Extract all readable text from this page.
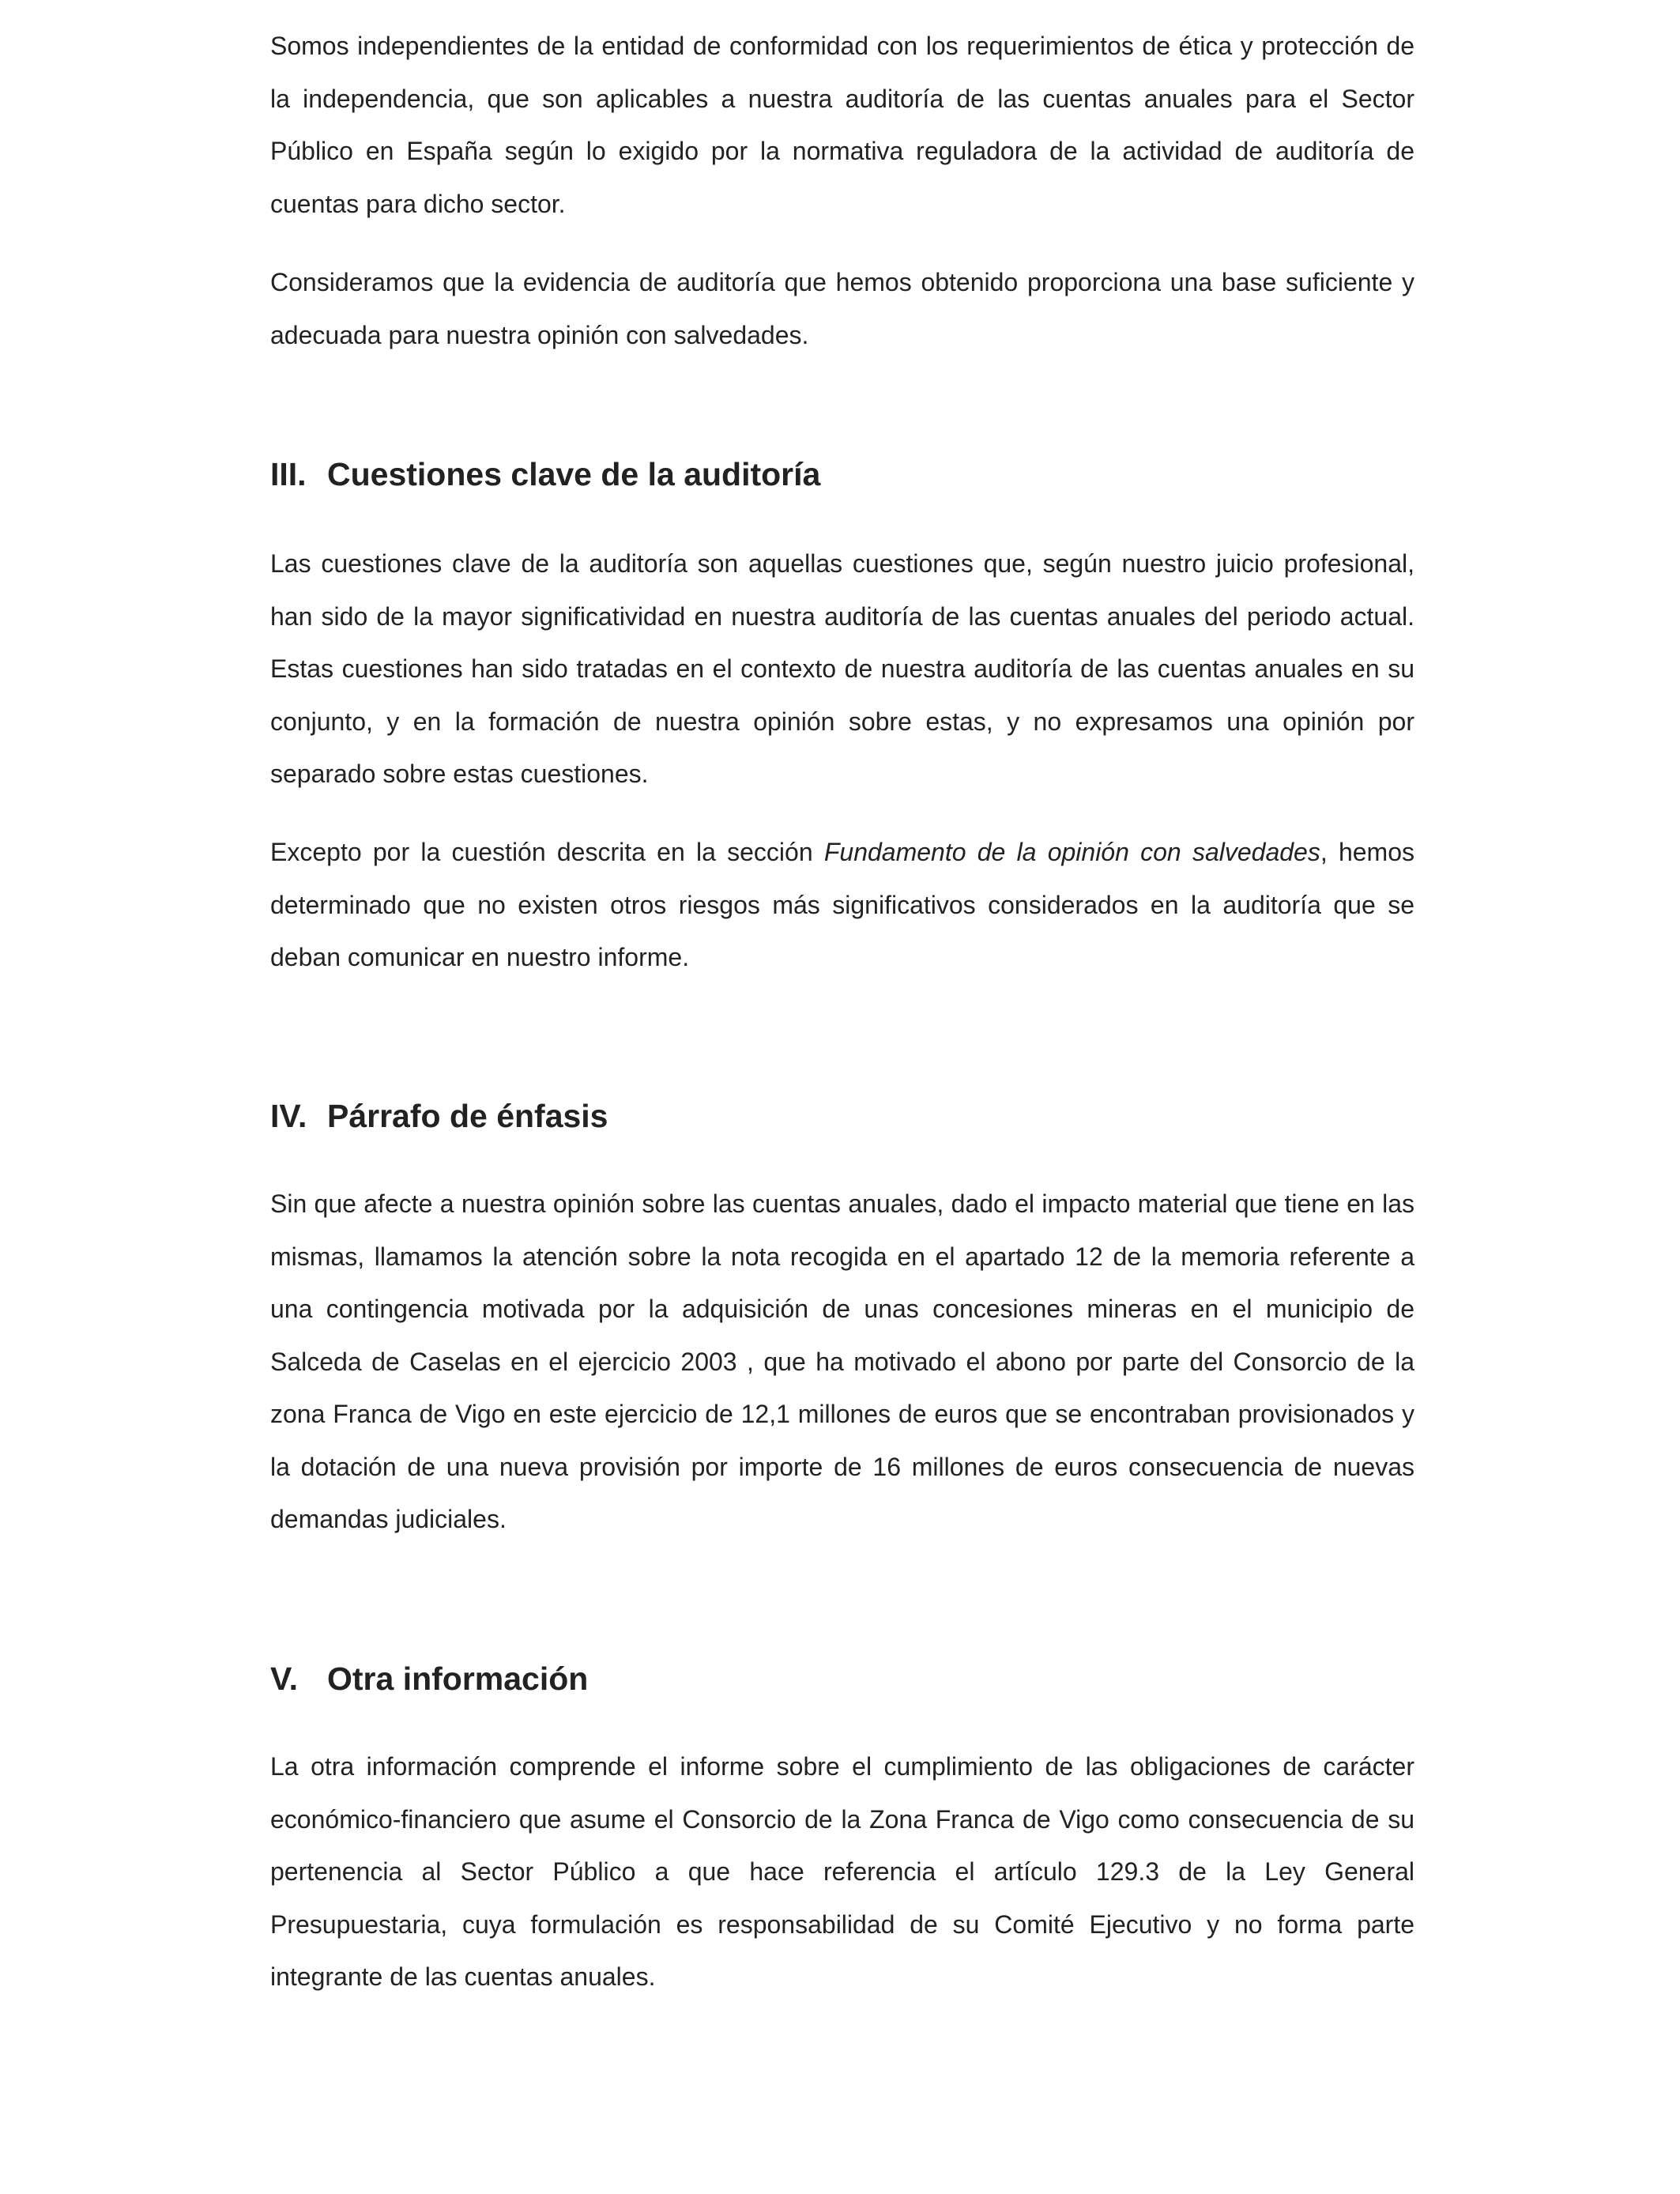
Somos independientes de la entidad de conformidad con los requerimientos de ética y protección de la independencia, que son aplicables a nuestra auditoría de las cuentas anuales para el Sector Público en España según lo exigido por la normativa reguladora de la actividad de auditoría de cuentas para dicho sector.

Consideramos que la evidencia de auditoría que hemos obtenido proporciona una base suficiente y adecuada para nuestra opinión con salvedades.

III. Cuestiones clave de la auditoría

Las cuestiones clave de la auditoría son aquellas cuestiones que, según nuestro juicio profesional, han sido de la mayor significatividad en nuestra auditoría de las cuentas anuales del periodo actual. Estas cuestiones han sido tratadas en el contexto de nuestra auditoría de las cuentas anuales en su conjunto, y en la formación de nuestra opinión sobre estas, y no expresamos una opinión por separado sobre estas cuestiones.

Excepto por la cuestión descrita en la sección Fundamento de la opinión con salvedades, hemos determinado que no existen otros riesgos más significativos considerados en la auditoría que se deban comunicar en nuestro informe.

IV. Párrafo de énfasis

Sin que afecte a nuestra opinión sobre las cuentas anuales, dado el impacto material que tiene en las mismas, llamamos la atención sobre la nota recogida en el apartado 12 de la memoria referente a una contingencia motivada por la adquisición de unas concesiones mineras en el municipio de Salceda de Caselas en el ejercicio 2003 , que ha motivado el abono por parte del Consorcio de la zona Franca de Vigo en este ejercicio de 12,1 millones de euros que se encontraban provisionados y la dotación de una nueva provisión por importe de 16 millones de euros consecuencia de nuevas demandas judiciales.

V. Otra información

La otra información comprende el informe sobre el cumplimiento de las obligaciones de carácter económico-financiero que asume el Consorcio de la Zona Franca de Vigo como consecuencia de su pertenencia al Sector Público a que hace referencia el artículo 129.3 de la Ley General Presupuestaria, cuya formulación es responsabilidad de su Comité Ejecutivo y no forma parte integrante de las cuentas anuales.
